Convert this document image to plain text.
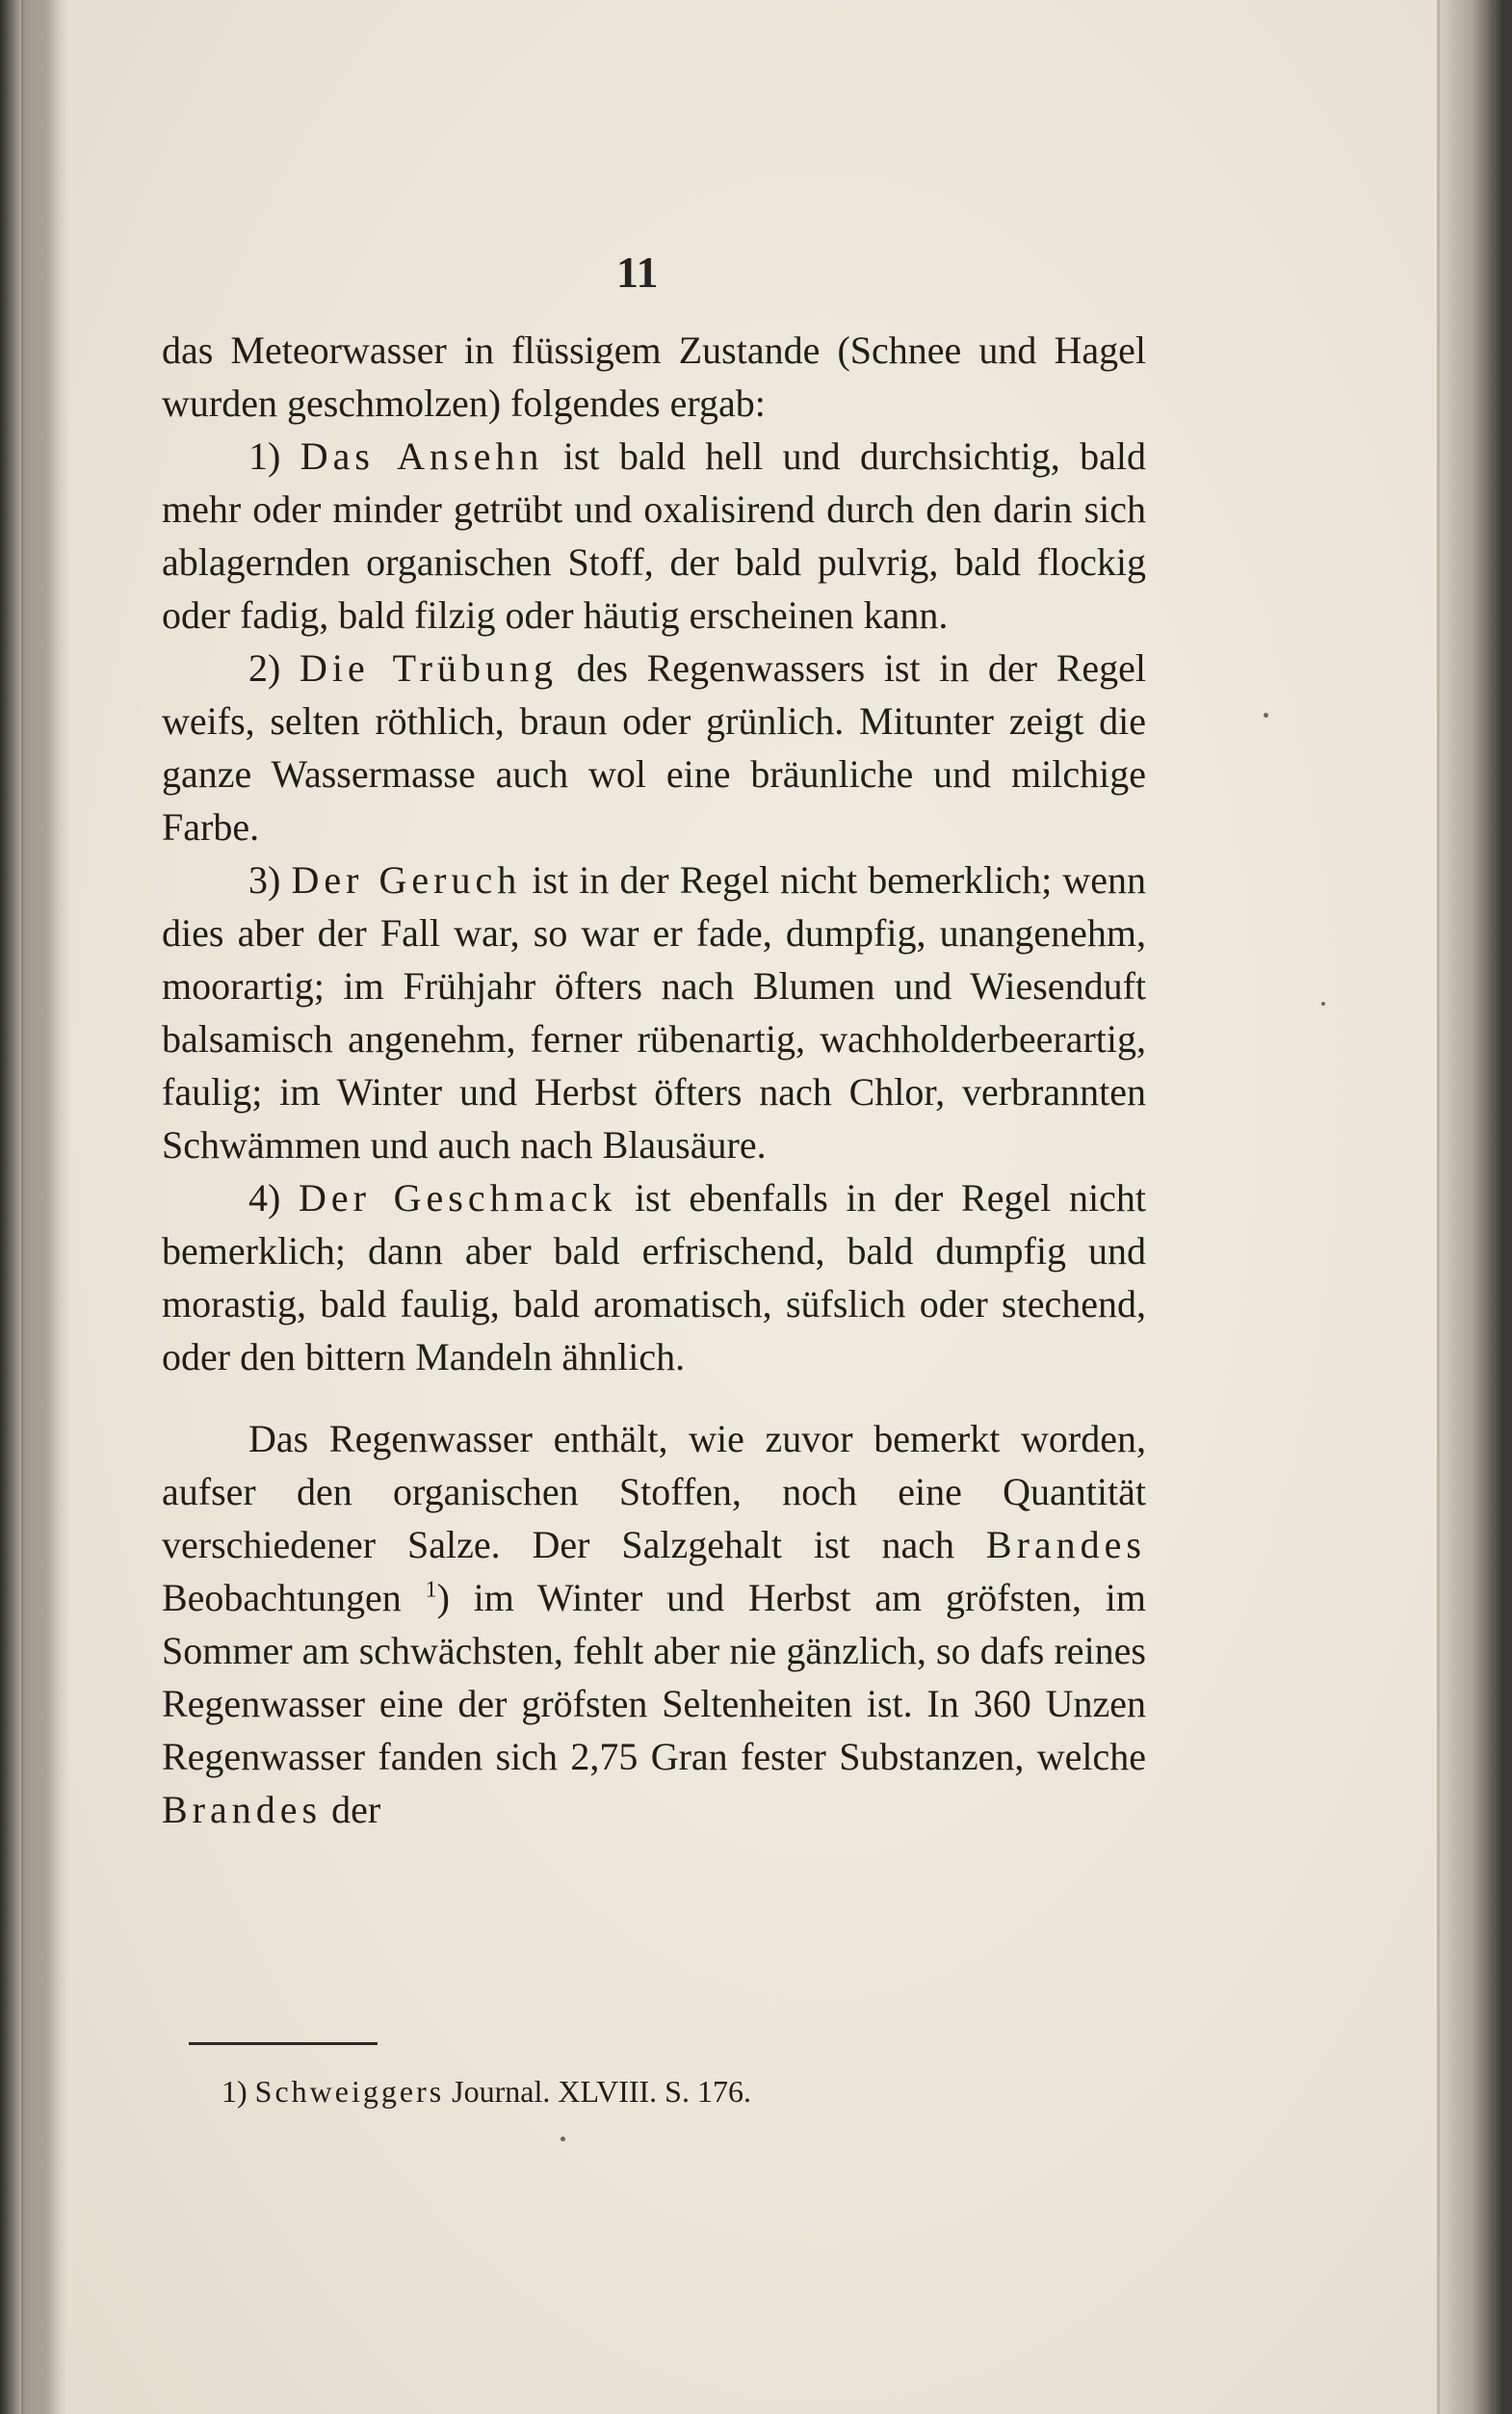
11

das Meteorwasser in flüssigem Zustande (Schnee und Hagel wurden geschmolzen) folgendes ergab:

1) Das Ansehn ist bald hell und durchsichtig, bald mehr oder minder getrübt und oxalisirend durch den darin sich ablagernden organischen Stoff, der bald pulvrig, bald flockig oder fadig, bald filzig oder häutig erscheinen kann.

2) Die Trübung des Regenwassers ist in der Regel weifs, selten röthlich, braun oder grünlich. Mitunter zeigt die ganze Wassermasse auch wol eine bräunliche und milchige Farbe.

3) Der Geruch ist in der Regel nicht bemerklich; wenn dies aber der Fall war, so war er fade, dumpfig, unangenehm, moorartig; im Frühjahr öfters nach Blumen und Wiesenduft balsamisch angenehm, ferner rübenartig, wachholderbeerartig, faulig; im Winter und Herbst öfters nach Chlor, verbrannten Schwämmen und auch nach Blausäure.

4) Der Geschmack ist ebenfalls in der Regel nicht bemerklich; dann aber bald erfrischend, bald dumpfig und morastig, bald faulig, bald aromatisch, süfslich oder stechend, oder den bittern Mandeln ähnlich.

Das Regenwasser enthält, wie zuvor bemerkt worden, aufser den organischen Stoffen, noch eine Quantität verschiedener Salze. Der Salzgehalt ist nach Brandes Beobachtungen $^1$) im Winter und Herbst am gröfsten, im Sommer am schwächsten, fehlt aber nie gänzlich, so dafs reines Regenwasser eine der gröfsten Seltenheiten ist. In 360 Unzen Regenwasser fanden sich 2,75 Gran fester Substanzen, welche Brandes der

1) Schweiggers Journal. XLVIII. S. 176.
